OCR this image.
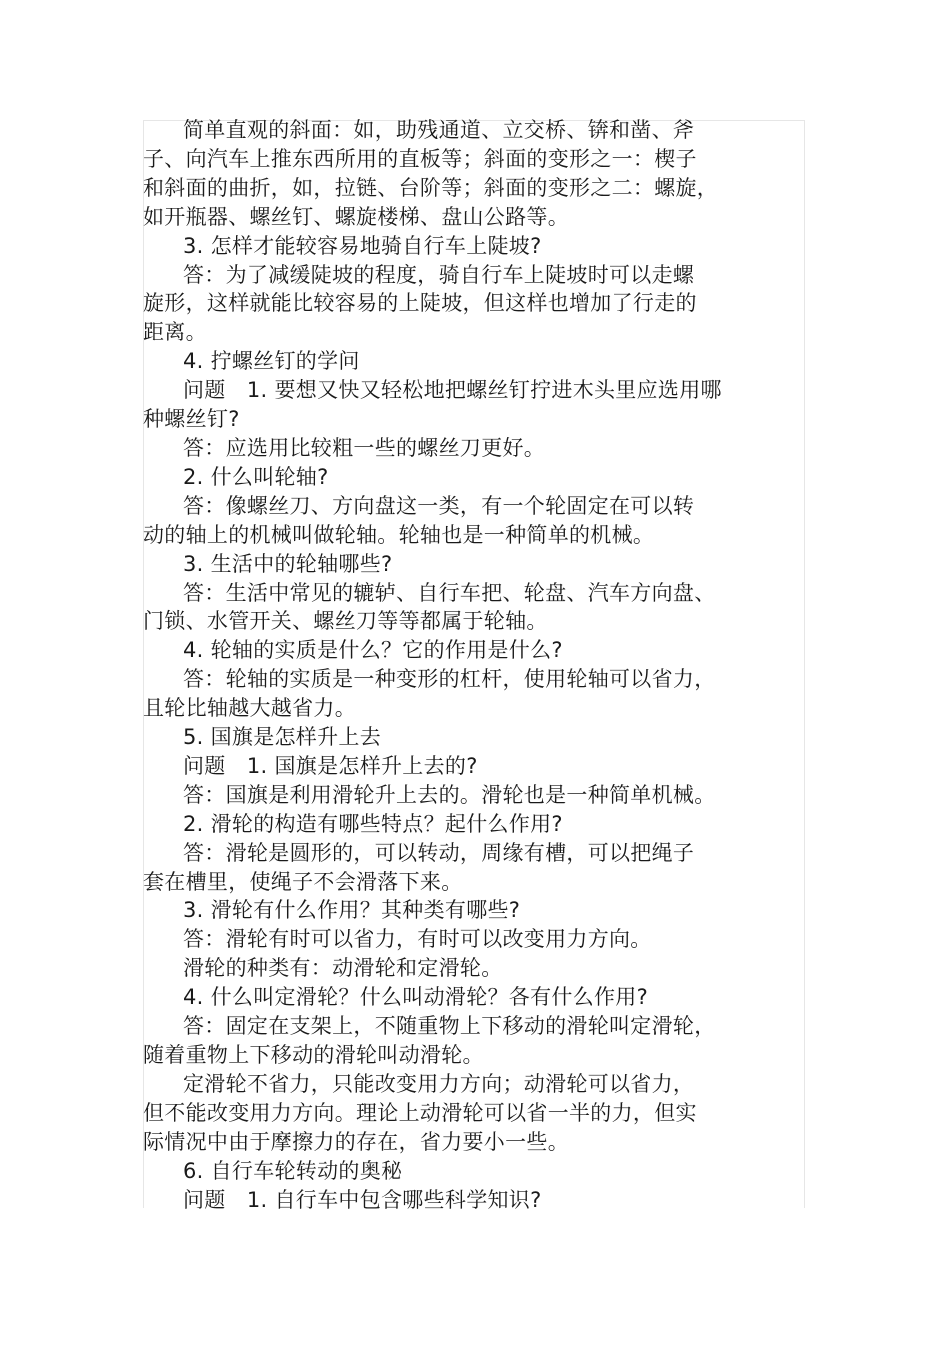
简单直观的斜面：如，助残通道、立交桥、锛和凿、斧
子、向汽车上推东西所用的直板等；斜面的变形之一：楔子
和斜面的曲折，如，拉链、台阶等；斜面的变形之二：螺旋，
如开瓶器、螺丝钉、螺旋楼梯、盘山公路等。
3. 怎样才能较容易地骑自行车上陡坡?
答：为了减缓陡坡的程度，骑自行车上陡坡时可以走螺
旋形，这样就能比较容易的上陡坡，但这样也增加了行走的
距离。
4. 拧螺丝钉的学问
问题　1. 要想又快又轻松地把螺丝钉拧进木头里应选用哪
种螺丝钉?
答：应选用比较粗一些的螺丝刀更好。
2. 什么叫轮轴?
答：像螺丝刀、方向盘这一类，有一个轮固定在可以转
动的轴上的机械叫做轮轴。轮轴也是一种简单的机械。
3. 生活中的轮轴哪些?
答：生活中常见的辘轳、自行车把、轮盘、汽车方向盘、
门锁、水管开关、螺丝刀等等都属于轮轴。
4. 轮轴的实质是什么？它的作用是什么?
答：轮轴的实质是一种变形的杠杆，使用轮轴可以省力，
且轮比轴越大越省力。
5. 国旗是怎样升上去
问题　1. 国旗是怎样升上去的?
答：国旗是利用滑轮升上去的。滑轮也是一种简单机械。
2. 滑轮的构造有哪些特点？起什么作用?
答：滑轮是圆形的，可以转动，周缘有槽，可以把绳子
套在槽里，使绳子不会滑落下来。
3. 滑轮有什么作用？其种类有哪些?
答：滑轮有时可以省力，有时可以改变用力方向。
滑轮的种类有：动滑轮和定滑轮。
4. 什么叫定滑轮？什么叫动滑轮？各有什么作用?
答：固定在支架上，不随重物上下移动的滑轮叫定滑轮，
随着重物上下移动的滑轮叫动滑轮。
定滑轮不省力，只能改变用力方向；动滑轮可以省力，
但不能改变用力方向。理论上动滑轮可以省一半的力，但实
际情况中由于摩擦力的存在，省力要小一些。
6. 自行车轮转动的奥秘
问题　1. 自行车中包含哪些科学知识?
